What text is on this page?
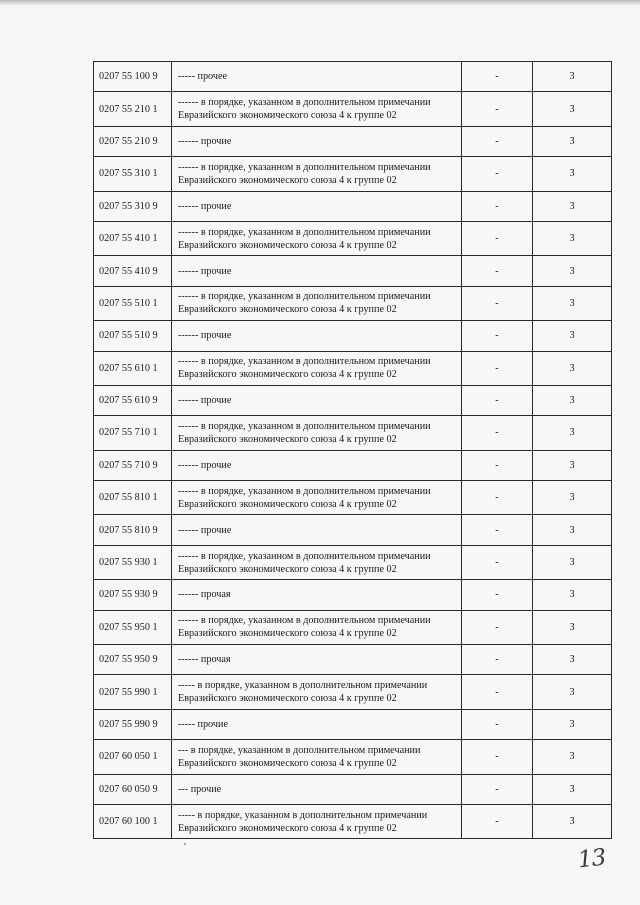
0207 55 100 9	----- прочее	-	3
0207 55 210 1	------ в порядке, указанном в дополнительном примечании Евразийского экономического союза 4 к группе 02	-	3
0207 55 210 9	------ прочие	-	3
0207 55 310 1	------ в порядке, указанном в дополнительном примечании Евразийского экономического союза 4 к группе 02	-	3
0207 55 310 9	------ прочие	-	3
0207 55 410 1	------ в порядке, указанном в дополнительном примечании Евразийского экономического союза 4 к группе 02	-	3
0207 55 410 9	------ прочие	-	3
0207 55 510 1	------ в порядке, указанном в дополнительном примечании Евразийского экономического союза 4 к группе 02	-	3
0207 55 510 9	------ прочие	-	3
0207 55 610 1	------ в порядке, указанном в дополнительном примечании Евразийского экономического союза 4 к группе 02	-	3
0207 55 610 9	------ прочие	-	3
0207 55 710 1	------ в порядке, указанном в дополнительном примечании Евразийского экономического союза 4 к группе 02	-	3
0207 55 710 9	------ прочие	-	3
0207 55 810 1	------ в порядке, указанном в дополнительном примечании Евразийского экономического союза 4 к группе 02	-	3
0207 55 810 9	------ прочие	-	3
0207 55 930 1	------ в порядке, указанном в дополнительном примечании Евразийского экономического союза 4 к группе 02	-	3
0207 55 930 9	------ прочая	-	3
0207 55 950 1	------ в порядке, указанном в дополнительном примечании Евразийского экономического союза 4 к группе 02	-	3
0207 55 950 9	------ прочая	-	3
0207 55 990 1	----- в порядке, указанном в дополнительном примечании Евразийского экономического союза 4 к группе 02	-	3
0207 55 990 9	----- прочие	-	3
0207 60 050 1	--- в порядке, указанном в дополнительном примечании Евразийского экономического союза 4 к группе 02	-	3
0207 60 050 9	--- прочие	-	3
0207 60 100 1	----- в порядке, указанном в дополнительном примечании Евразийского экономического союза 4 к группе 02	-	3
13
